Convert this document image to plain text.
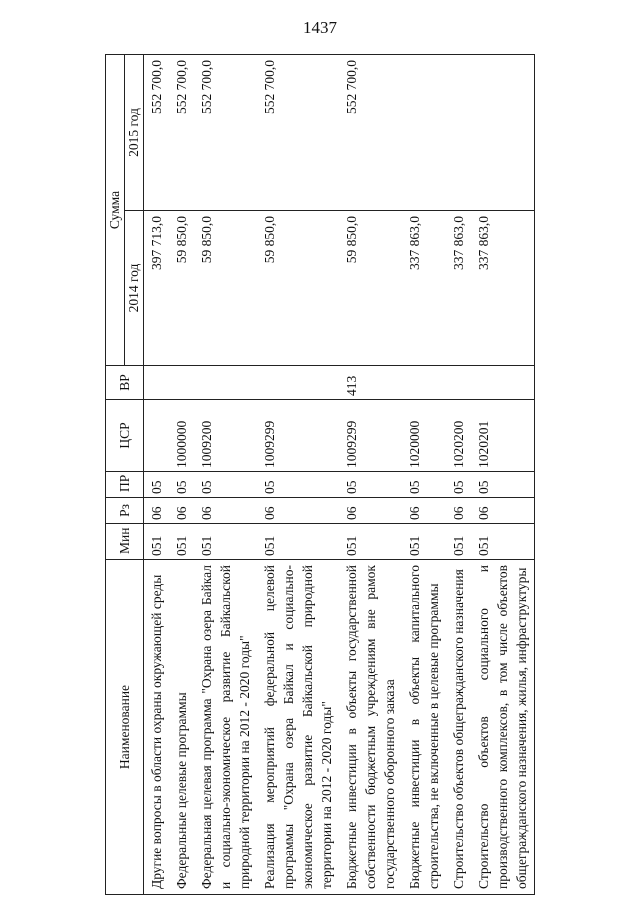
1437
Наименование	Мин	Рз	ПР	ЦСР	ВР	Сумма	
						2014 год	2015 год
Другие вопросы в области охраны окружающей среды	051	06	05			397 713,0	552 700,0
Федеральные целевые программы	051	06	05	1000000		59 850,0	552 700,0
Федеральная целевая программа "Охрана озера Байкал и социально-экономическое развитие Байкальской природной территории на 2012 - 2020 годы"	051	06	05	1009200		59 850,0	552 700,0
Реализация мероприятий федеральной целевой программы "Охрана озера Байкал и социально-экономическое развитие Байкальской природной территории на 2012 - 2020 годы"	051	06	05	1009299		59 850,0	552 700,0
Бюджетные инвестиции в объекты государственной собственности бюджетным учреждениям вне рамок государственного оборонного заказа	051	06	05	1009299	413	59 850,0	552 700,0
Бюджетные инвестиции в объекты капитального строительства, не включенные в целевые программы	051	06	05	1020000		337 863,0	
Строительство объектов общегражданского назначения	051	06	05	1020200		337 863,0	
Строительство объектов социального и производственного комплексов, в том числе объектов общегражданского назначения, жилья, инфраструктуры	051	06	05	1020201		337 863,0	
